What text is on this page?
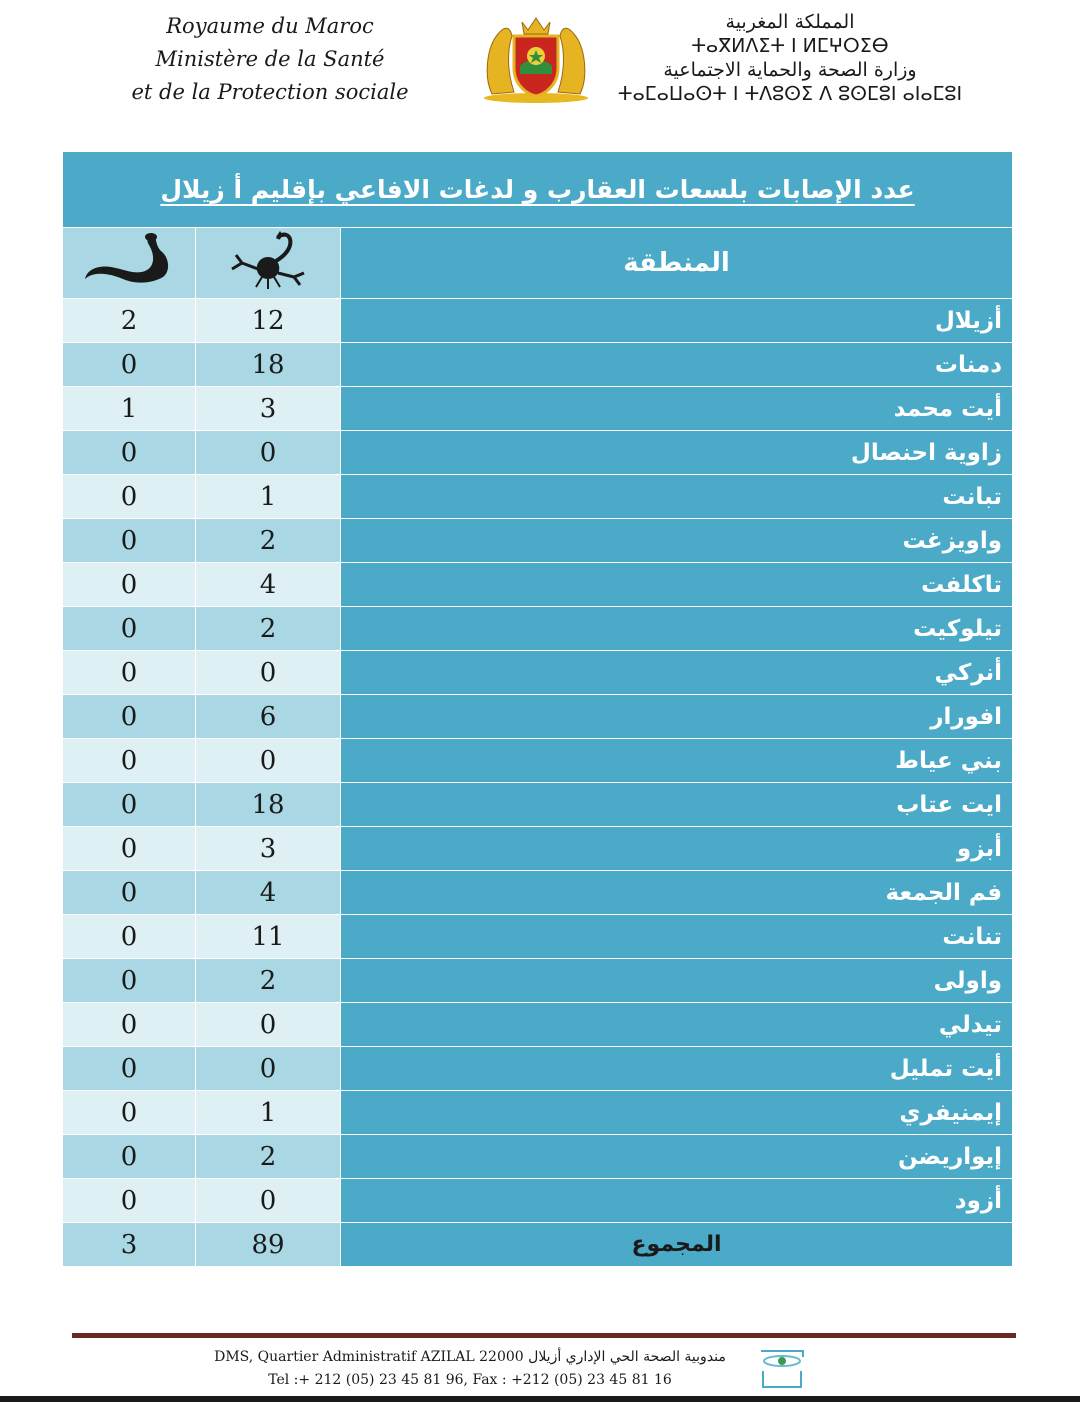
Royaume du Maroc
Ministère de la Santé
et de la Protection sociale
المملكة المغربية
ⵜⴰⴳⵍⴷⵉⵜ ⵏ ⵍⵎⵖⵔⵉⴱ
وزارة الصحة والحماية الاجتماعية
ⵜⴰⵎⴰⵡⴰⵙⵜ ⵏ ⵜⴷⵓⵙⵉ ⴷ ⵓⵙⵎⵓⵏ ⴰⵏⴰⵎⵓⵏ
عدد الإصابات بلسعات العقارب و لدغات الافاعي بإقليم أ زيلال		
		المنطقة
2	12	أزيلال
0	18	دمنات
1	3	أيت محمد
0	0	زاوية احنصال
0	1	تبانت
0	2	واويزغت
0	4	تاكلفت
0	2	تيلوكيت
0	0	أنركي
0	6	افورار
0	0	بني عياط
0	18	ايت عتاب
0	3	أبزو
0	4	فم الجمعة
0	11	تنانت
0	2	واولى
0	0	تيدلي
0	0	أيت تمليل
0	1	إيمنيفري
0	2	إيواريضن
0	0	أزود
3	89	المجموع
DMS, Quartier Administratif AZILAL 22000 مندوبية الصحة الحي الإداري أزيلال
Tel :+ 212 (05) 23 45 81 96, Fax : +212 (05) 23 45 81 16
